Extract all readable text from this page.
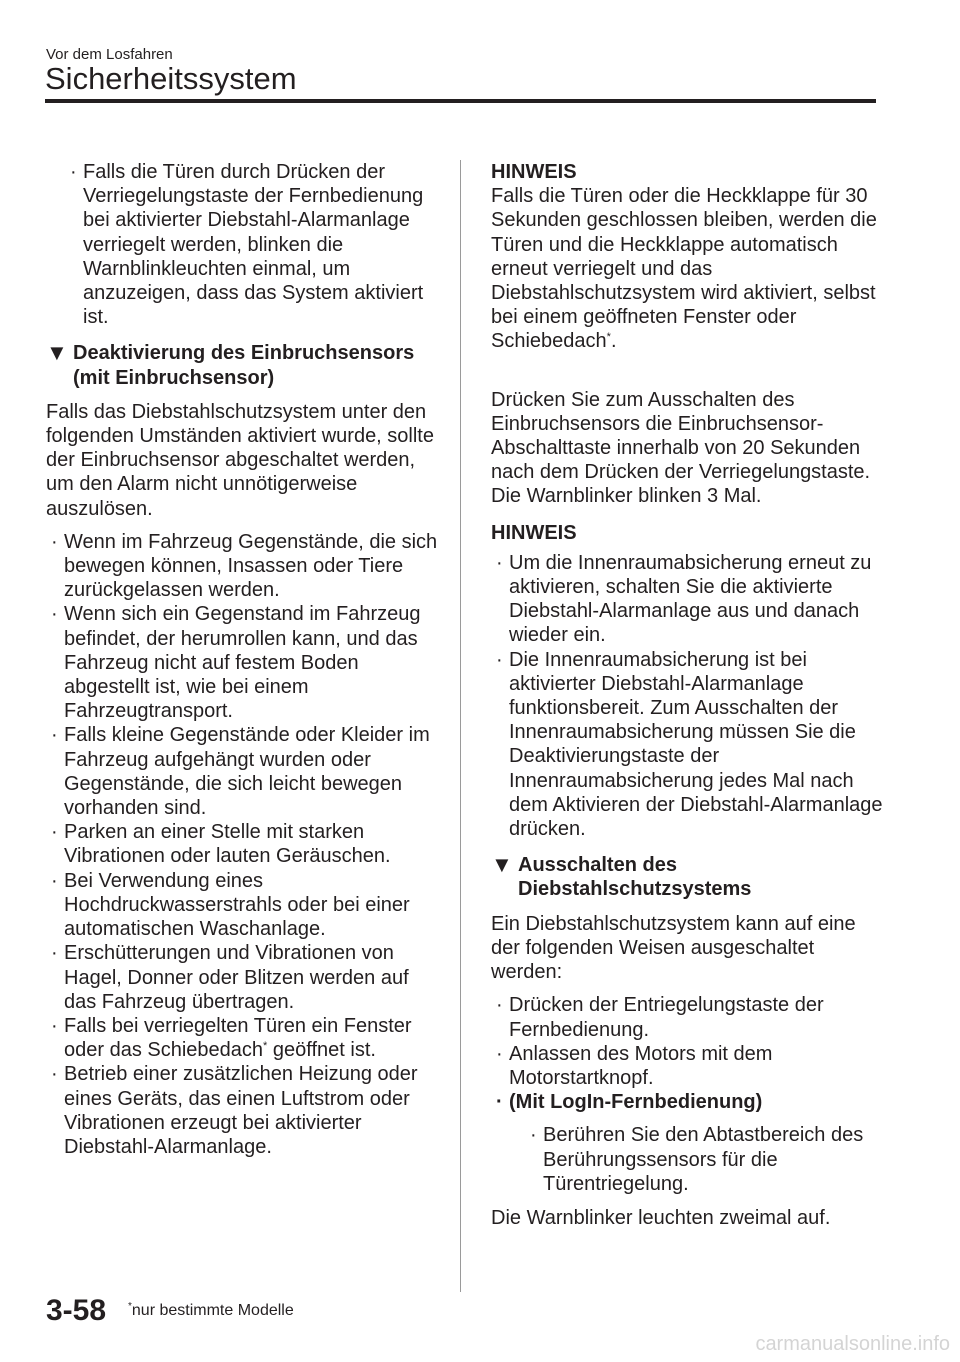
Vor dem Losfahren
Sicherheitssystem
· Falls die Türen durch Drücken der Verriegelungstaste der Fernbedienung bei aktivierter Diebstahl-Alarmanlage verriegelt werden, blinken die Warnblinkleuchten einmal, um anzuzeigen, dass das System aktiviert ist.
▼ Deaktivierung des Einbruchsensors (mit Einbruchsensor)

Falls das Diebstahlschutzsystem unter den folgenden Umständen aktiviert wurde, sollte der Einbruchsensor abgeschaltet werden, um den Alarm nicht unnötigerweise auszulösen.

· Wenn im Fahrzeug Gegenstände, die sich bewegen können, Insassen oder Tiere zurückgelassen werden.
· Wenn sich ein Gegenstand im Fahrzeug befindet, der herumrollen kann, und das Fahrzeug nicht auf festem Boden abgestellt ist, wie bei einem Fahrzeugtransport.
· Falls kleine Gegenstände oder Kleider im Fahrzeug aufgehängt wurden oder Gegenstände, die sich leicht bewegen vorhanden sind.
· Parken an einer Stelle mit starken Vibrationen oder lauten Geräuschen.
· Bei Verwendung eines Hochdruckwasserstrahls oder bei einer automatischen Waschanlage.
· Erschütterungen und Vibrationen von Hagel, Donner oder Blitzen werden auf das Fahrzeug übertragen.
· Falls bei verriegelten Türen ein Fenster oder das Schiebedach* geöffnet ist.
· Betrieb einer zusätzlichen Heizung oder eines Geräts, das einen Luftstrom oder Vibrationen erzeugt bei aktivierter Diebstahl-Alarmanlage.
HINWEIS

Falls die Türen oder die Heckklappe für 30 Sekunden geschlossen bleiben, werden die Türen und die Heckklappe automatisch erneut verriegelt und das Diebstahlschutzsystem wird aktiviert, selbst bei einem geöffneten Fenster oder Schiebedach*.

Drücken Sie zum Ausschalten des Einbruchsensors die Einbruchsensor-Abschalttaste innerhalb von 20 Sekunden nach dem Drücken der Verriegelungstaste.

Die Warnblinker blinken 3 Mal.

HINWEIS
· Um die Innenraumabsicherung erneut zu aktivieren, schalten Sie die aktivierte Diebstahl-Alarmanlage aus und danach wieder ein.
· Die Innenraumabsicherung ist bei aktivierter Diebstahl-Alarmanlage funktionsbereit. Zum Ausschalten der Innenraumabsicherung müssen Sie die Deaktivierungstaste der Innenraumabsicherung jedes Mal nach dem Aktivieren der Diebstahl-Alarmanlage drücken.
▼ Ausschalten des Diebstahlschutzsystems

Ein Diebstahlschutzsystem kann auf eine der folgenden Weisen ausgeschaltet werden:

· Drücken der Entriegelungstaste der Fernbedienung.
· Anlassen des Motors mit dem Motorstartknopf.
· (Mit LogIn-Fernbedienung)
· Berühren Sie den Abtastbereich des Berührungssensors für die Türentriegelung.

Die Warnblinker leuchten zweimal auf.

3-58 *nur bestimmte Modelle
carmanualsonline.info
